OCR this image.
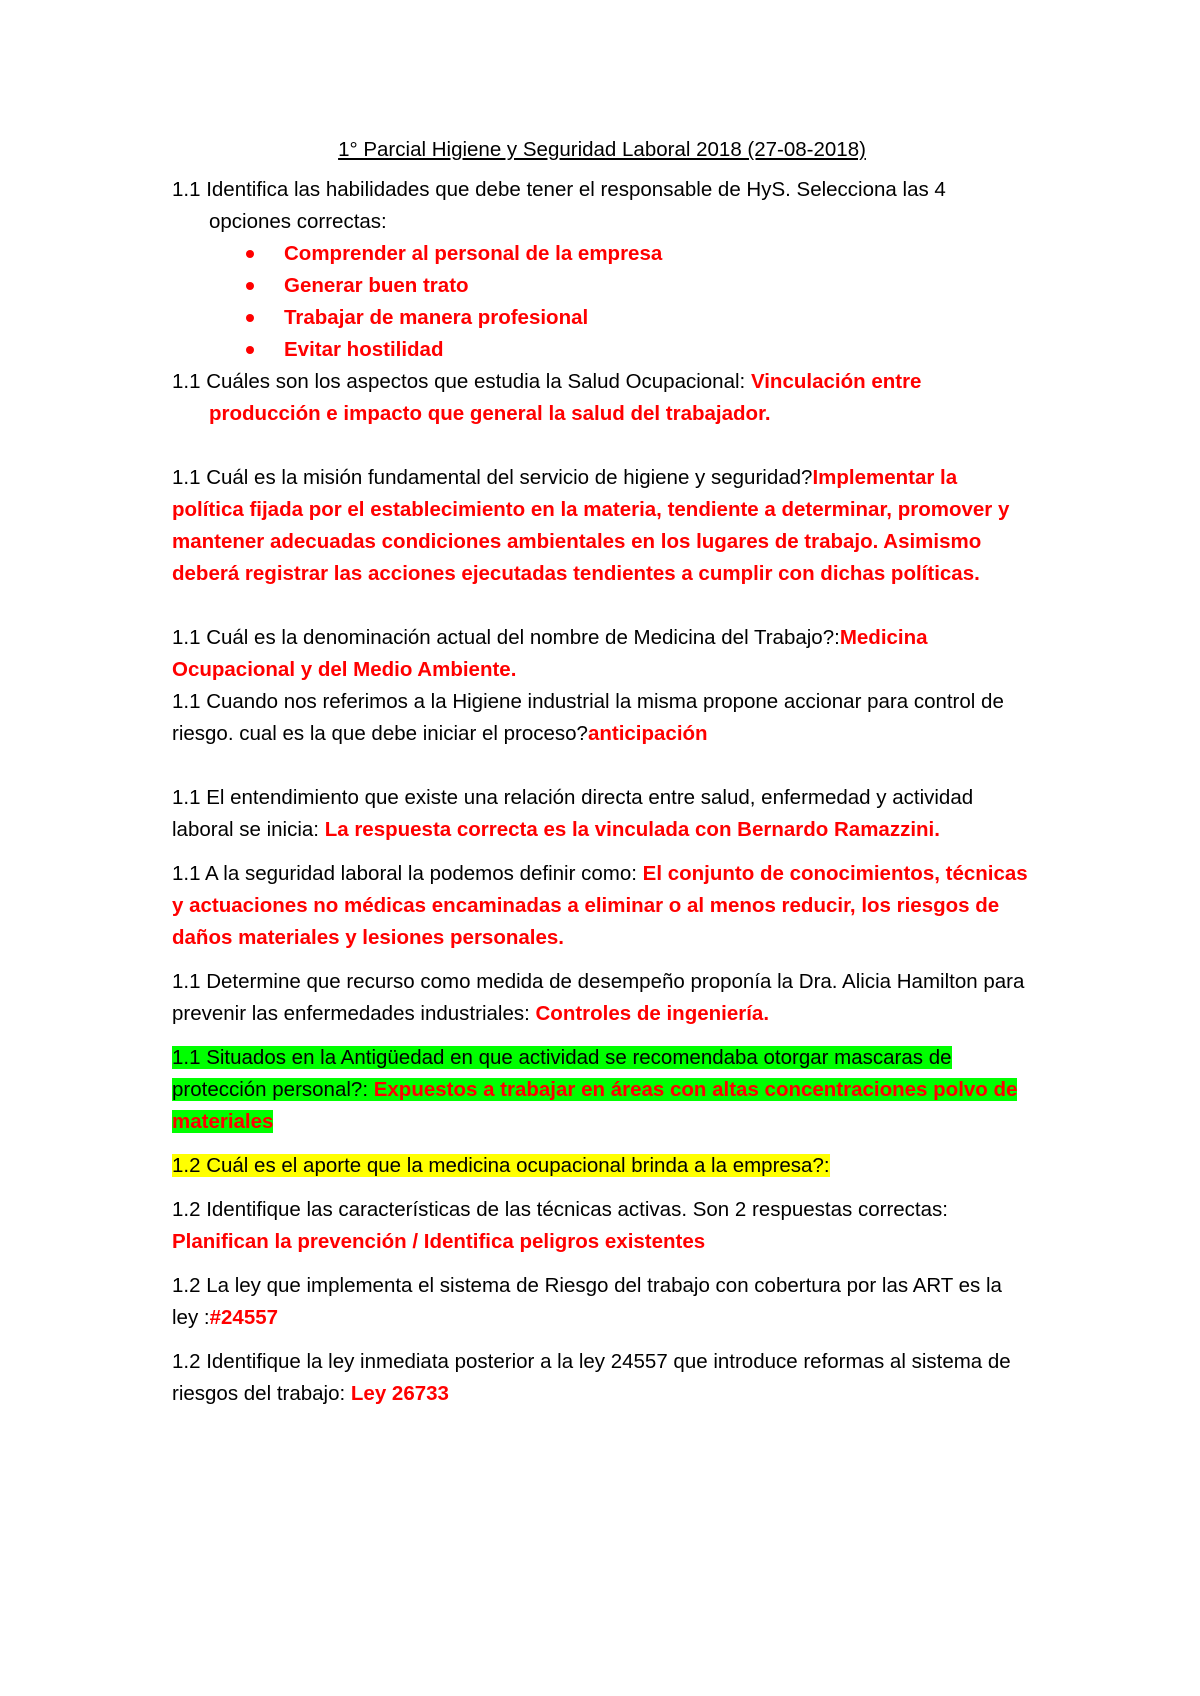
1° Parcial Higiene y Seguridad Laboral 2018 (27-08-2018)

1.1 Identifica las habilidades que debe tener el responsable de HyS. Selecciona las 4 opciones correctas:

Comprender al personal de la empresa
Generar buen trato
Trabajar de manera profesional
Evitar hostilidad

1.1 Cuáles son los aspectos que estudia la Salud Ocupacional: Vinculación entre producción e impacto que general la salud del trabajador.

1.1 Cuál es la misión fundamental del servicio de higiene y seguridad?Implementar la política fijada por el establecimiento en la materia, tendiente a determinar, promover y mantener adecuadas condiciones ambientales en los lugares de trabajo. Asimismo deberá registrar las acciones ejecutadas tendientes a cumplir con dichas políticas.

1.1 Cuál es la denominación actual del nombre de Medicina del Trabajo?:Medicina Ocupacional y del Medio Ambiente.

1.1 Cuando nos referimos a la Higiene industrial la misma propone accionar para control de riesgo. cual es la que debe iniciar el proceso?anticipación

1.1 El entendimiento que existe una relación directa entre salud, enfermedad y actividad laboral se inicia: La respuesta correcta es la vinculada con Bernardo Ramazzini.

1.1 A la seguridad laboral la podemos definir como: El conjunto de conocimientos, técnicas y actuaciones no médicas encaminadas a eliminar o al menos reducir, los riesgos de daños materiales y lesiones personales.

1.1 Determine que recurso como medida de desempeño proponía la Dra. Alicia Hamilton para prevenir las enfermedades industriales: Controles de ingeniería.

1.1 Situados en la Antigüedad en que actividad se recomendaba otorgar mascaras de protección personal?: Expuestos a trabajar en áreas con altas concentraciones polvo de materiales

1.2 Cuál es el aporte que la medicina ocupacional brinda a la empresa?:

1.2 Identifique las características de las técnicas activas. Son 2 respuestas correctas: Planifican la prevención / Identifica peligros existentes

1.2 La ley que implementa el sistema de Riesgo del trabajo con cobertura por las ART es la ley :#24557

1.2 Identifique la ley inmediata posterior a la ley 24557 que introduce reformas al sistema de riesgos del trabajo: Ley 26733
